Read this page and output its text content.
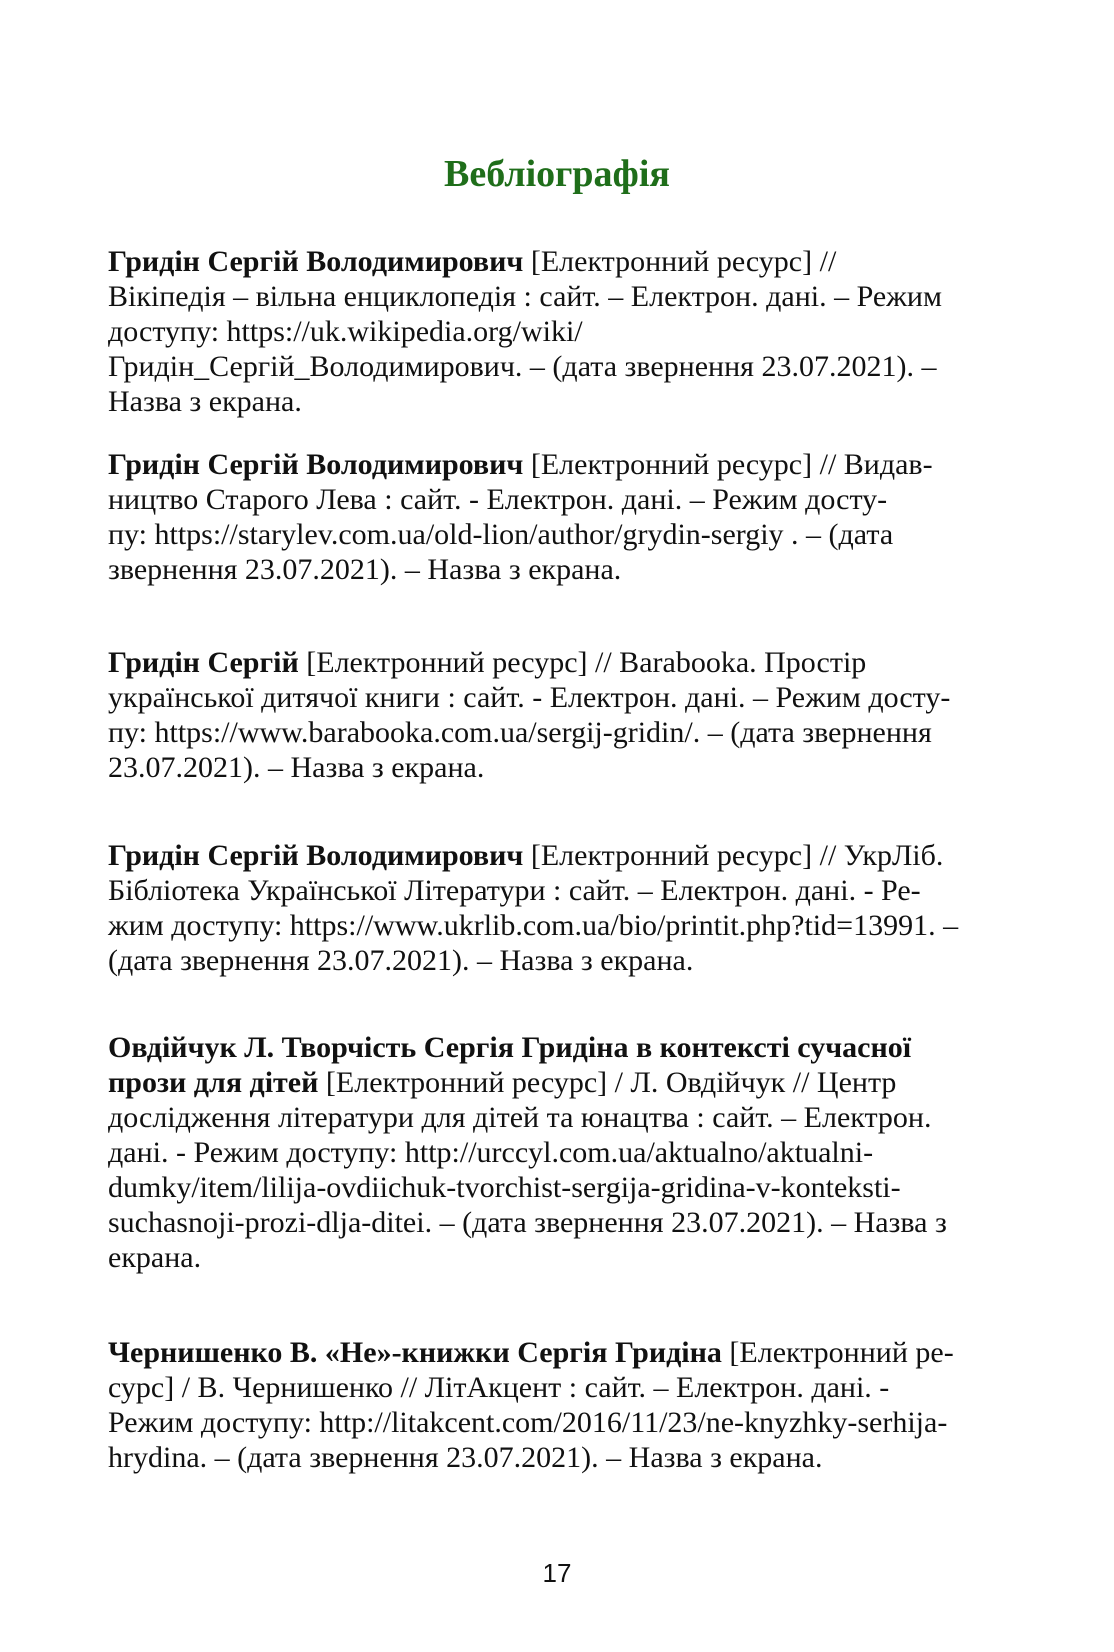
Вебліографія
Гридін Сергій Володимирович [Електронний ресурс] //
Вікіпедія – вільна енциклопедія : сайт. – Електрон. дані. – Режим
доступу: https://uk.wikipedia.org/wiki/
Гридін_Сергій_Володимирович. – (дата звернення 23.07.2021). –
Назва з екрана.
Гридін Сергій Володимирович [Електронний ресурс] // Видав-
ництво Старого Лева : сайт. - Електрон. дані. – Режим досту-
пу: https://starylev.com.ua/old-lion/author/grydin-sergiy . – (дата
звернення 23.07.2021). – Назва з екрана.
Гридін Сергій [Електронний ресурс] // Barabooka. Простір
української дитячої книги : сайт. - Електрон. дані. – Режим досту-
пу: https://www.barabooka.com.ua/sergij-gridin/. – (дата звернення
23.07.2021). – Назва з екрана.
Гридін Сергій Володимирович [Електронний ресурс] // УкрЛіб.
Бібліотека Української Літератури : сайт. – Електрон. дані. - Ре-
жим доступу: https://www.ukrlib.com.ua/bio/printit.php?tid=13991. –
(дата звернення 23.07.2021). – Назва з екрана.
Овдійчук Л. Творчість Сергія Гридіна в контексті сучасної
прози для дітей [Електронний ресурс] / Л. Овдійчук // Центр
дослідження літератури для дітей та юнацтва : сайт. – Електрон.
дані. - Режим доступу: http://urccyl.com.ua/aktualno/aktualni-
dumky/item/lilija-ovdiichuk-tvorchist-sergija-gridina-v-konteksti-
suchasnoji-prozi-dlja-ditei. – (дата звернення 23.07.2021). – Назва з
екрана.
Чернишенко В. «Не»-книжки Сергія Гридіна [Електронний ре-
сурс] / В. Чернишенко // ЛітАкцент : сайт. – Електрон. дані. -
Режим доступу: http://litakcent.com/2016/11/23/ne-knyzhky-serhija-
hrydina. – (дата звернення 23.07.2021). – Назва з екрана.
17
